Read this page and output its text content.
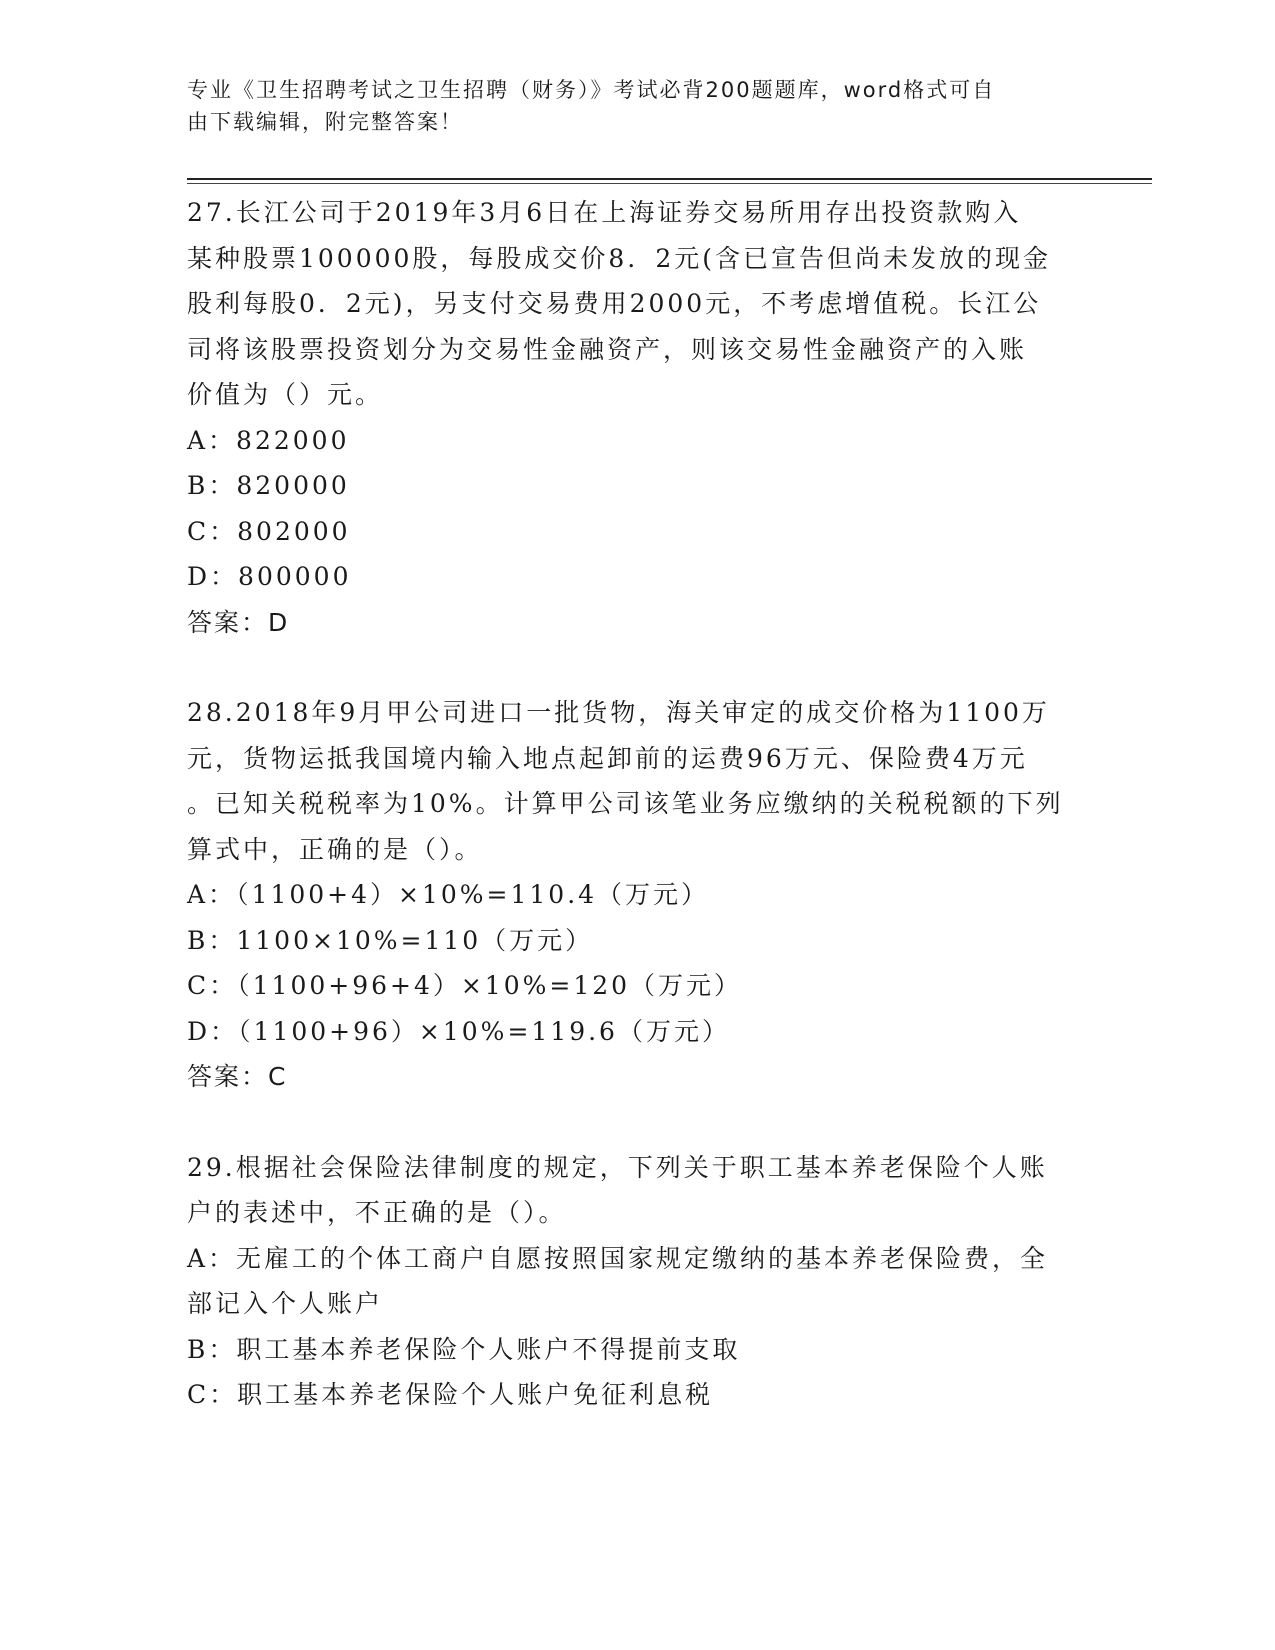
专业《卫生招聘考试之卫生招聘（财务）》考试必背200题题库，word格式可自
由下载编辑，附完整答案！
27.长江公司于2019年3月6日在上海证券交易所用存出投资款购入
某种股票100000股，每股成交价8．2元(含已宣告但尚未发放的现金
股利每股0．2元)，另支付交易费用2000元，不考虑增值税。长江公
司将该股票投资划分为交易性金融资产，则该交易性金融资产的入账
价值为（）元。
A：822000
B：820000
C：802000
D：800000
答案：D
28.2018年9月甲公司进口一批货物，海关审定的成交价格为1100万
元，货物运抵我国境内输入地点起卸前的运费96万元、保险费4万元
。已知关税税率为10%。计算甲公司该笔业务应缴纳的关税税额的下列
算式中，正确的是（）。
A：（1100+4）×10%=110.4（万元）
B：1100×10%=110（万元）
C：（1100+96+4）×10%=120（万元）
D：（1100+96）×10%=119.6（万元）
答案：C
29.根据社会保险法律制度的规定，下列关于职工基本养老保险个人账
户的表述中，不正确的是（）。
A：无雇工的个体工商户自愿按照国家规定缴纳的基本养老保险费，全
部记入个人账户
B：职工基本养老保险个人账户不得提前支取
C：职工基本养老保险个人账户免征利息税
